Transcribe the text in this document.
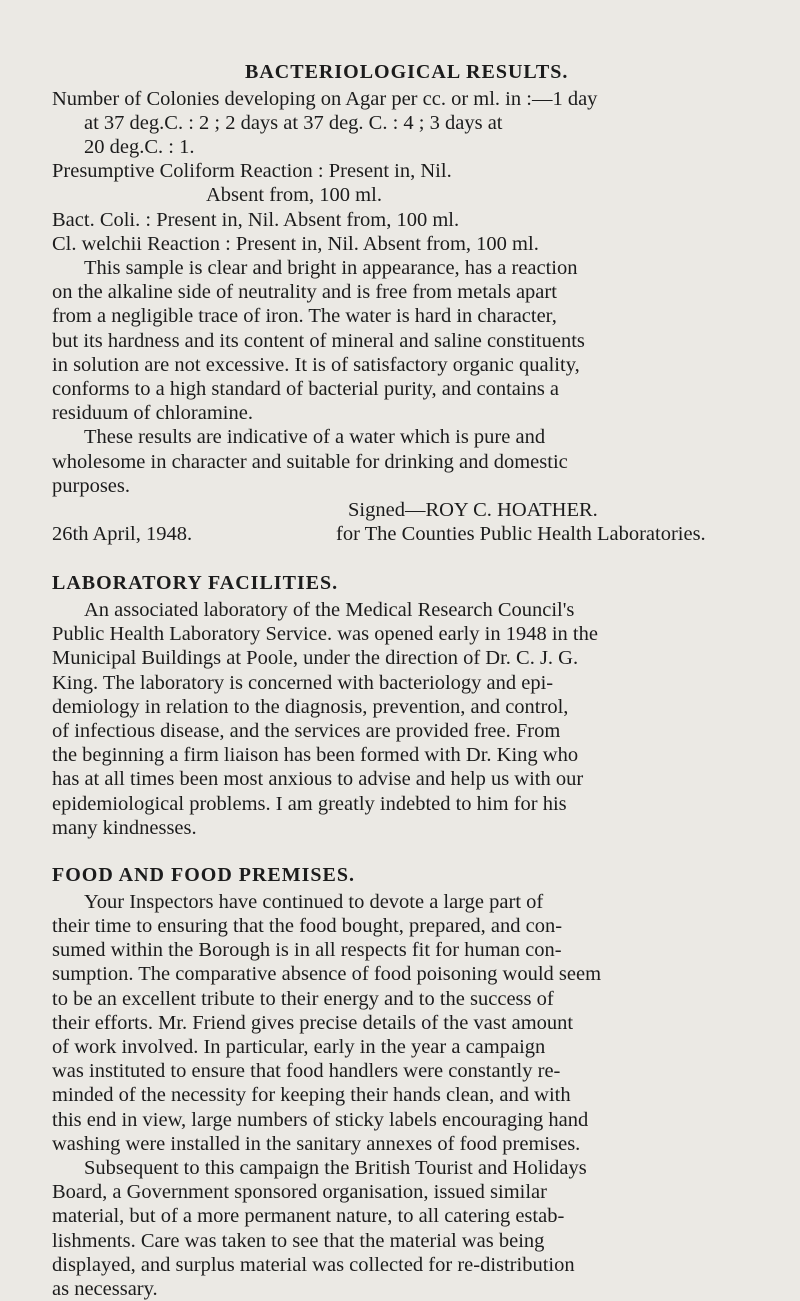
BACTERIOLOGICAL RESULTS.
Number of Colonies developing on Agar per cc. or ml. in :—1 day
at 37 deg.C. : 2 ; 2 days at 37 deg. C. : 4 ; 3 days at
20 deg.C. : 1.
Presumptive Coliform Reaction : Present in, Nil.
Absent from, 100 ml.
Bact. Coli. : Present in, Nil. Absent from, 100 ml.
Cl. welchii Reaction : Present in, Nil. Absent from, 100 ml.
This sample is clear and bright in appearance, has a reaction
on the alkaline side of neutrality and is free from metals apart
from a negligible trace of iron. The water is hard in character,
but its hardness and its content of mineral and saline constituents
in solution are not excessive. It is of satisfactory organic quality,
conforms to a high standard of bacterial purity, and contains a
residuum of chloramine.
These results are indicative of a water which is pure and
wholesome in character and suitable for drinking and domestic
purposes.
Signed—ROY C. HOATHER.
26th April, 1948.	for The Counties Public Health Laboratories.
LABORATORY FACILITIES.
An associated laboratory of the Medical Research Council's
Public Health Laboratory Service. was opened early in 1948 in the
Municipal Buildings at Poole, under the direction of Dr. C. J. G.
King. The laboratory is concerned with bacteriology and epi-
demiology in relation to the diagnosis, prevention, and control,
of infectious disease, and the services are provided free. From
the beginning a firm liaison has been formed with Dr. King who
has at all times been most anxious to advise and help us with our
epidemiological problems. I am greatly indebted to him for his
many kindnesses.
FOOD AND FOOD PREMISES.
Your Inspectors have continued to devote a large part of
their time to ensuring that the food bought, prepared, and con-
sumed within the Borough is in all respects fit for human con-
sumption. The comparative absence of food poisoning would seem
to be an excellent tribute to their energy and to the success of
their efforts. Mr. Friend gives precise details of the vast amount
of work involved. In particular, early in the year a campaign
was instituted to ensure that food handlers were constantly re-
minded of the necessity for keeping their hands clean, and with
this end in view, large numbers of sticky labels encouraging hand
washing were installed in the sanitary annexes of food premises.
Subsequent to this campaign the British Tourist and Holidays
Board, a Government sponsored organisation, issued similar
material, but of a more permanent nature, to all catering estab-
lishments. Care was taken to see that the material was being
displayed, and surplus material was collected for re-distribution
as necessary.
